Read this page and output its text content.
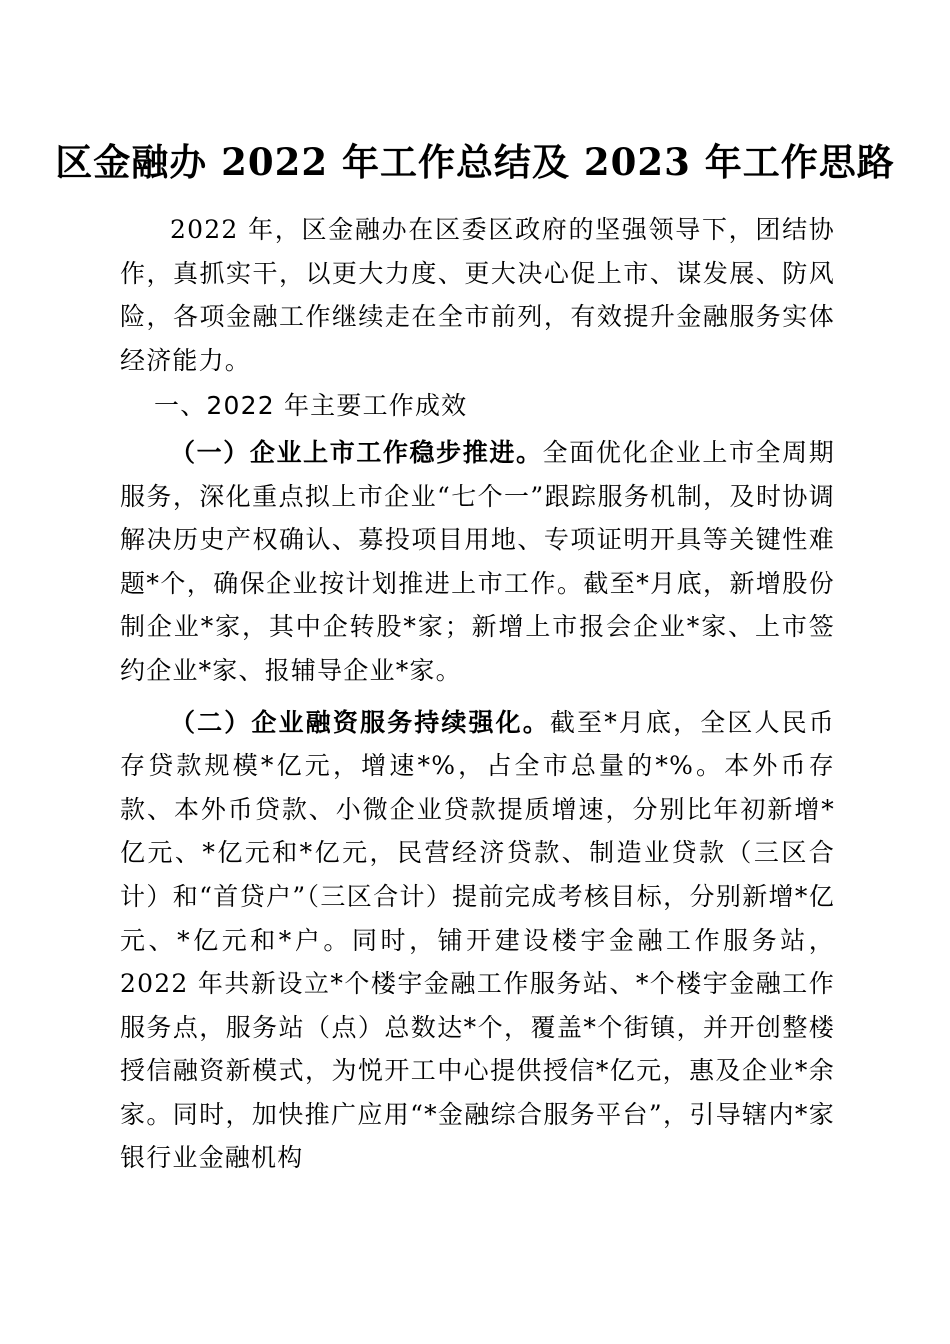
区金融办 2022 年工作总结及 2023 年工作思路

2022 年，区金融办在区委区政府的坚强领导下，团结协作，真抓实干，以更大力度、更大决心促上市、谋发展、防风险，各项金融工作继续走在全市前列，有效提升金融服务实体经济能力。

一、2022 年主要工作成效

（一）企业上市工作稳步推进。全面优化企业上市全周期服务，深化重点拟上市企业“七个一”跟踪服务机制，及时协调解决历史产权确认、募投项目用地、专项证明开具等关键性难题*个，确保企业按计划推进上市工作。截至*月底，新增股份制企业*家，其中企转股*家；新增上市报会企业*家、上市签约企业*家、报辅导企业*家。

（二）企业融资服务持续强化。截至*月底，全区人民币存贷款规模*亿元，增速*%，占全市总量的*%。本外币存款、本外币贷款、小微企业贷款提质增速，分别比年初新增*亿元、*亿元和*亿元，民营经济贷款、制造业贷款（三区合计）和“首贷户”（三区合计）提前完成考核目标，分别新增*亿元、*亿元和*户。同时，铺开建设楼宇金融工作服务站，2022 年共新设立*个楼宇金融工作服务站、*个楼宇金融工作服务点，服务站（点）总数达*个，覆盖*个街镇，并开创整楼授信融资新模式，为悦开工中心提供授信*亿元，惠及企业*余家。同时，加快推广应用“*金融综合服务平台”，引导辖内*家银行业金融机构
